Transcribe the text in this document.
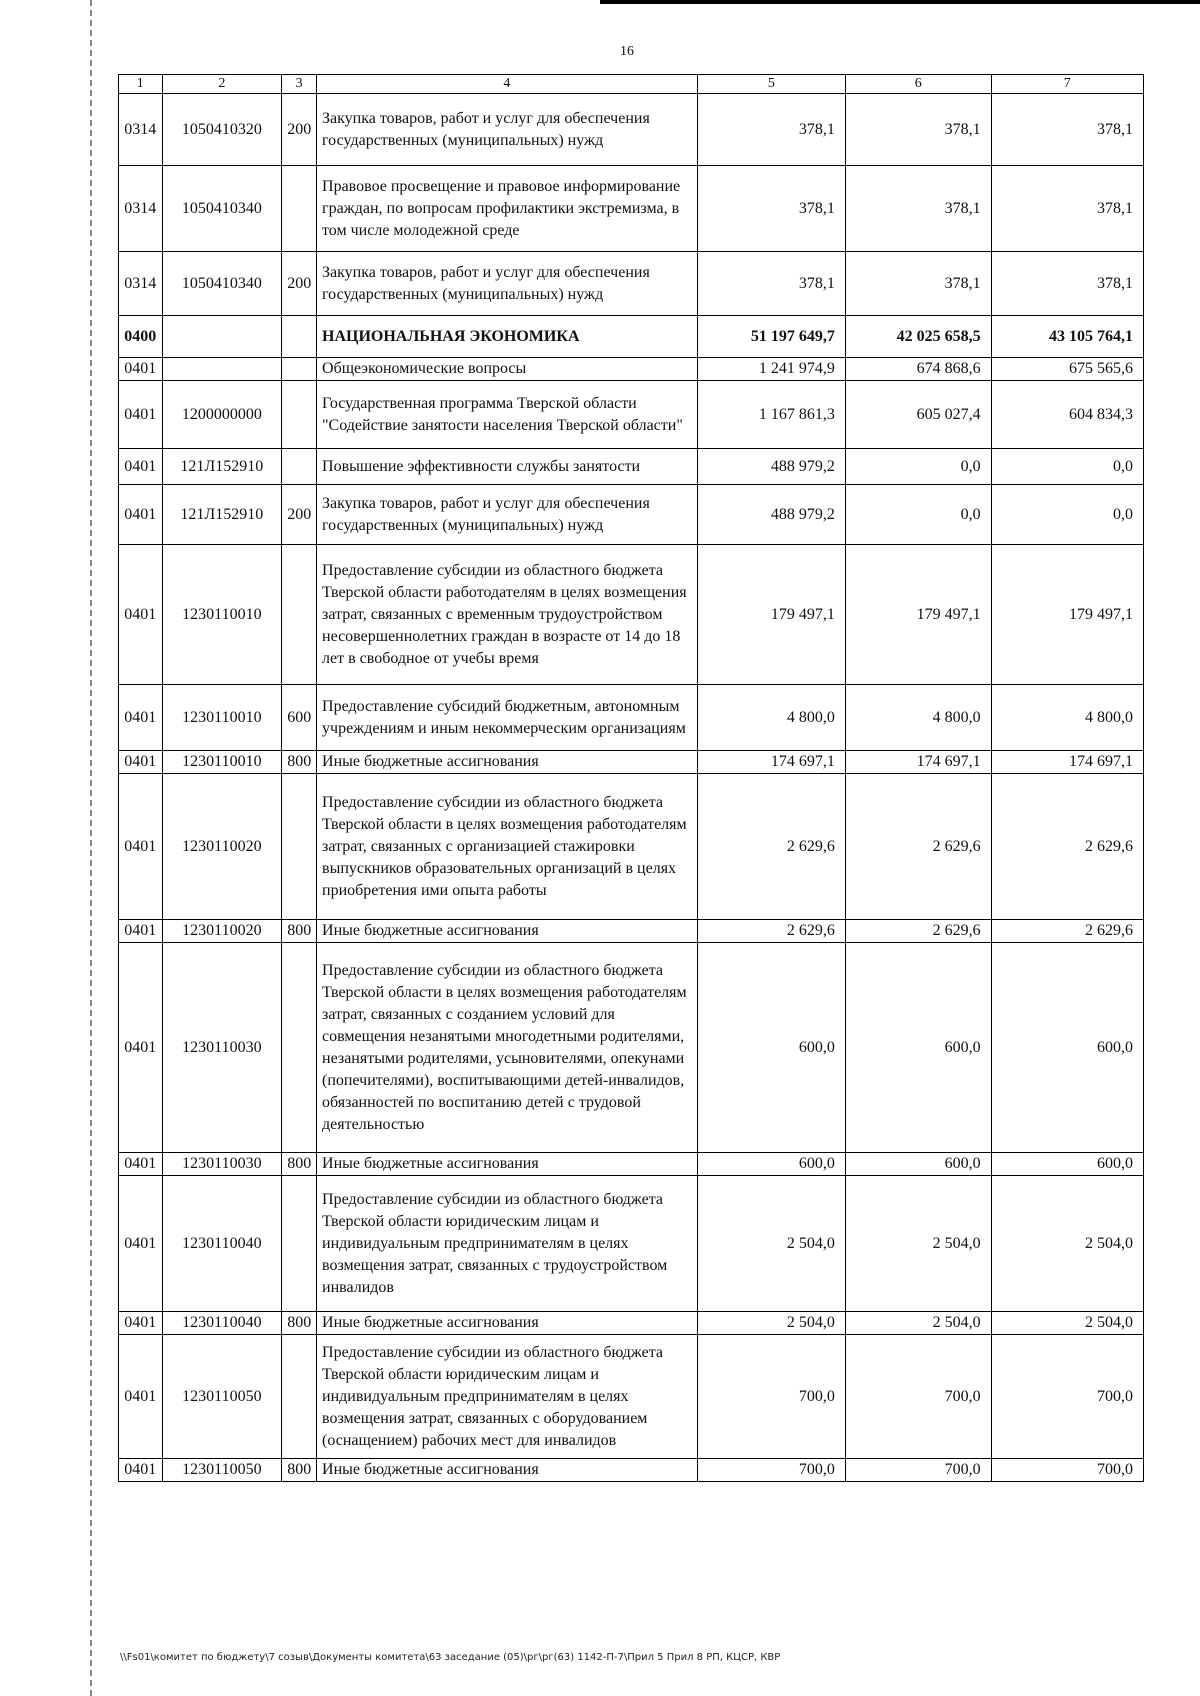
16
1	2	3	4	5	6	7
0314	1050410320	200	Закупка товаров, работ и услуг для обеспечения государственных (муниципальных) нужд	378,1	378,1	378,1
0314	1050410340		Правовое просвещение и правовое информирование граждан, по вопросам профилактики экстремизма, в том числе молодежной среде	378,1	378,1	378,1
0314	1050410340	200	Закупка товаров, работ и услуг для обеспечения государственных (муниципальных) нужд	378,1	378,1	378,1
0400			НАЦИОНАЛЬНАЯ ЭКОНОМИКА	51 197 649,7	42 025 658,5	43 105 764,1
0401			Общеэкономические вопросы	1 241 974,9	674 868,6	675 565,6
0401	1200000000		Государственная программа Тверской области "Содействие занятости населения Тверской области"	1 167 861,3	605 027,4	604 834,3
0401	121Л152910		Повышение эффективности службы занятости	488 979,2	0,0	0,0
0401	121Л152910	200	Закупка товаров, работ и услуг для обеспечения государственных (муниципальных) нужд	488 979,2	0,0	0,0
0401	1230110010		Предоставление субсидии из областного бюджета Тверской области работодателям в целях возмещения затрат, связанных с временным трудоустройством несовершеннолетних граждан в возрасте от 14 до 18 лет в свободное от учебы время	179 497,1	179 497,1	179 497,1
0401	1230110010	600	Предоставление субсидий бюджетным, автономным учреждениям и иным некоммерческим организациям	4 800,0	4 800,0	4 800,0
0401	1230110010	800	Иные бюджетные ассигнования	174 697,1	174 697,1	174 697,1
0401	1230110020		Предоставление субсидии из областного бюджета Тверской области в целях возмещения работодателям затрат, связанных с организацией стажировки выпускников образовательных организаций в целях приобретения ими опыта работы	2 629,6	2 629,6	2 629,6
0401	1230110020	800	Иные бюджетные ассигнования	2 629,6	2 629,6	2 629,6
0401	1230110030		Предоставление субсидии из областного бюджета Тверской области в целях возмещения работодателям затрат, связанных с созданием условий для совмещения незанятыми многодетными родителями, незанятыми родителями, усыновителями, опекунами (попечителями), воспитывающими детей-инвалидов, обязанностей по воспитанию детей с трудовой деятельностью	600,0	600,0	600,0
0401	1230110030	800	Иные бюджетные ассигнования	600,0	600,0	600,0
0401	1230110040		Предоставление субсидии из областного бюджета Тверской области юридическим лицам и индивидуальным предпринимателям в целях возмещения затрат, связанных с трудоустройством инвалидов	2 504,0	2 504,0	2 504,0
0401	1230110040	800	Иные бюджетные ассигнования	2 504,0	2 504,0	2 504,0
0401	1230110050		Предоставление субсидии из областного бюджета Тверской области юридическим лицам и индивидуальным предпринимателям в целях возмещения затрат, связанных с оборудованием (оснащением) рабочих мест для инвалидов	700,0	700,0	700,0
0401	1230110050	800	Иные бюджетные ассигнования	700,0	700,0	700,0
\\Fs01\комитет по бюджету\7 созыв\Документы комитета\63 заседание (05)\рг\рг(63) 1142-П-7\Прил 5 Прил 8 РП, КЦСР, КВР
